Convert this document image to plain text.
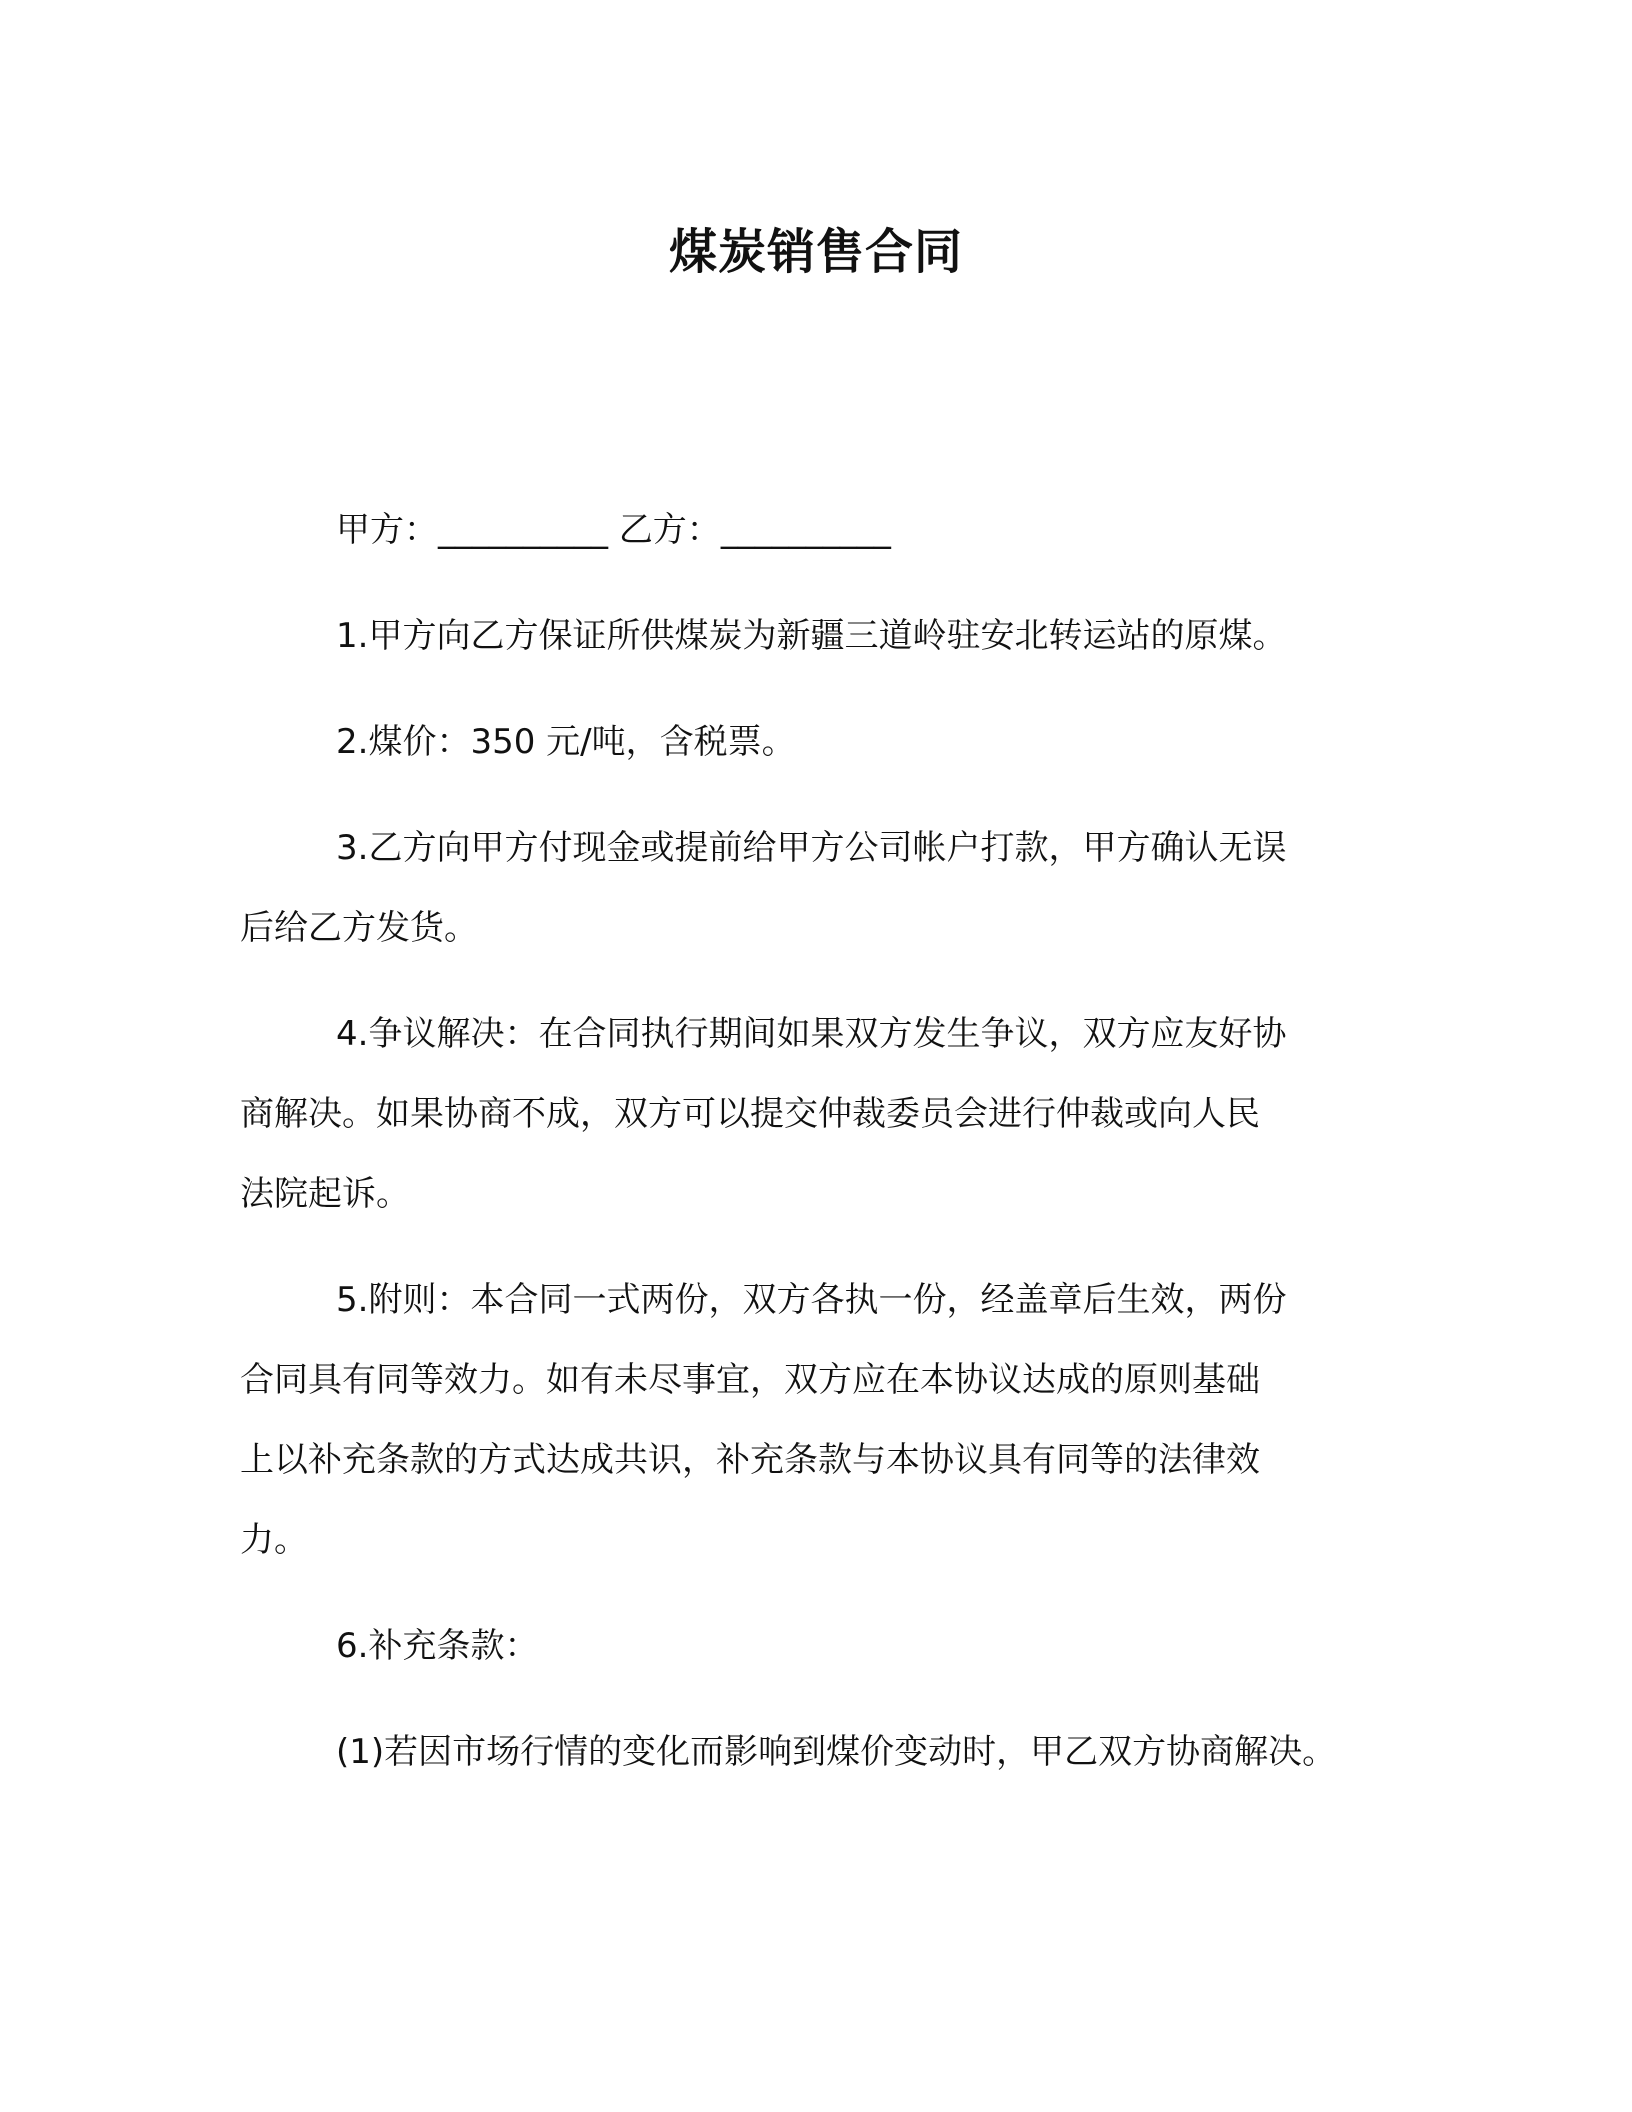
煤炭销售合同
甲方：__________ 乙方：__________
1.甲方向乙方保证所供煤炭为新疆三道岭驻安北转运站的原煤。
2.煤价：350 元/吨，含税票。
3.乙方向甲方付现金或提前给甲方公司帐户打款，甲方确认无误
后给乙方发货。
4.争议解决：在合同执行期间如果双方发生争议，双方应友好协
商解决。如果协商不成，双方可以提交仲裁委员会进行仲裁或向人民
法院起诉。
5.附则：本合同一式两份，双方各执一份，经盖章后生效，两份
合同具有同等效力。如有未尽事宜，双方应在本协议达成的原则基础
上以补充条款的方式达成共识，补充条款与本协议具有同等的法律效
力。
6.补充条款：
(1)若因市场行情的变化而影响到煤价变动时，甲乙双方协商解决。
